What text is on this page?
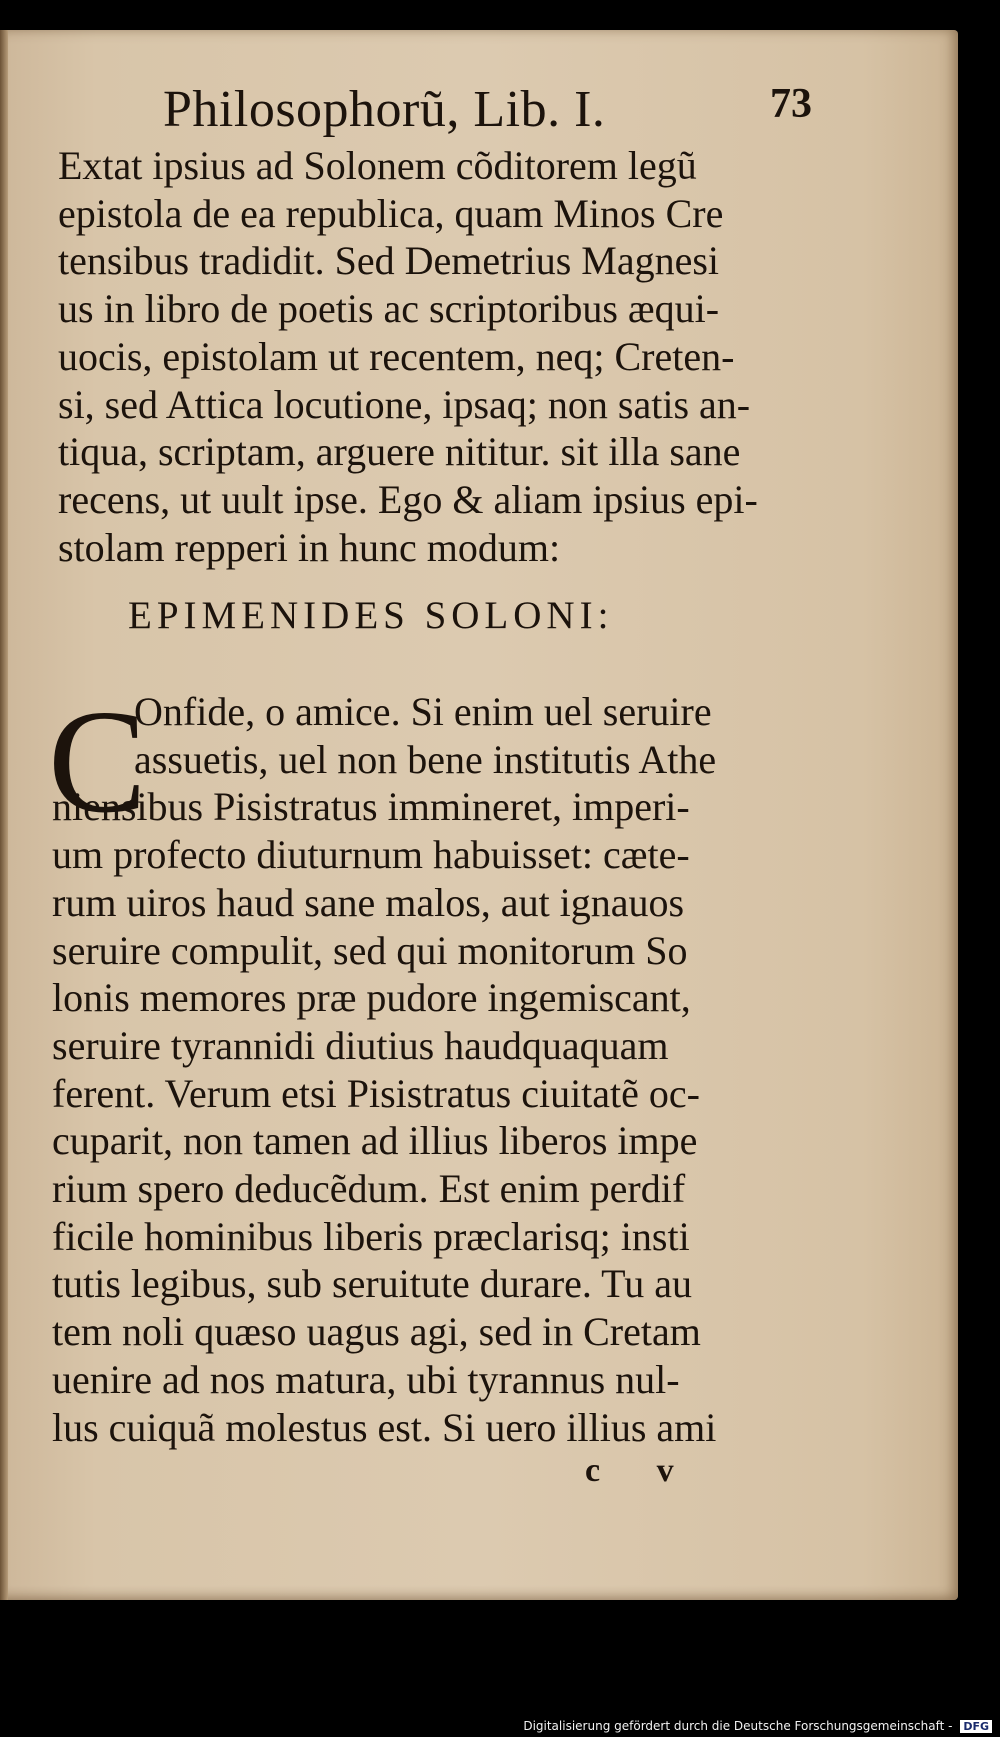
Philosophorũ, Lib. I.	73
Extat ipsius ad Solonem cõditorem legũ
epistola de ea republica, quam Minos Cre
tensibus tradidit. Sed Demetrius Magnesi
us in libro de poetis ac scriptoribus æqui-
uocis, epistolam ut recentem, neq; Creten-
si, sed Attica locutione, ipsaq; non satis an-
tiqua, scriptam, arguere nititur. sit illa sane
recens, ut uult ipse. Ego & aliam ipsius epi-
stolam repperi in hunc modum:
EPIMENIDES SOLONI:
C
Onfide, o amice. Si enim uel seruire
assuetis, uel non bene institutis Athe
niensibus Pisistratus immineret, imperi-
um profecto diuturnum habuisset: cæte-
rum uiros haud sane malos, aut ignauos
seruire compulit, sed qui monitorum So
lonis memores præ pudore ingemiscant,
seruire tyrannidi diutius haudquaquam
ferent. Verum etsi Pisistratus ciuitatẽ oc-
cuparit, non tamen ad illius liberos impe
rium spero deducẽdum. Est enim perdif
ficile hominibus liberis præclarisq; insti
tutis legibus, sub seruitute durare. Tu au
tem noli quæso uagus agi, sed in Cretam
uenire ad nos matura, ubi tyrannus nul-
lus cuiquã molestus est. Si uero illius ami
c v
Digitalisierung gefördert durch die Deutsche Forschungsgemeinschaft - DFG
